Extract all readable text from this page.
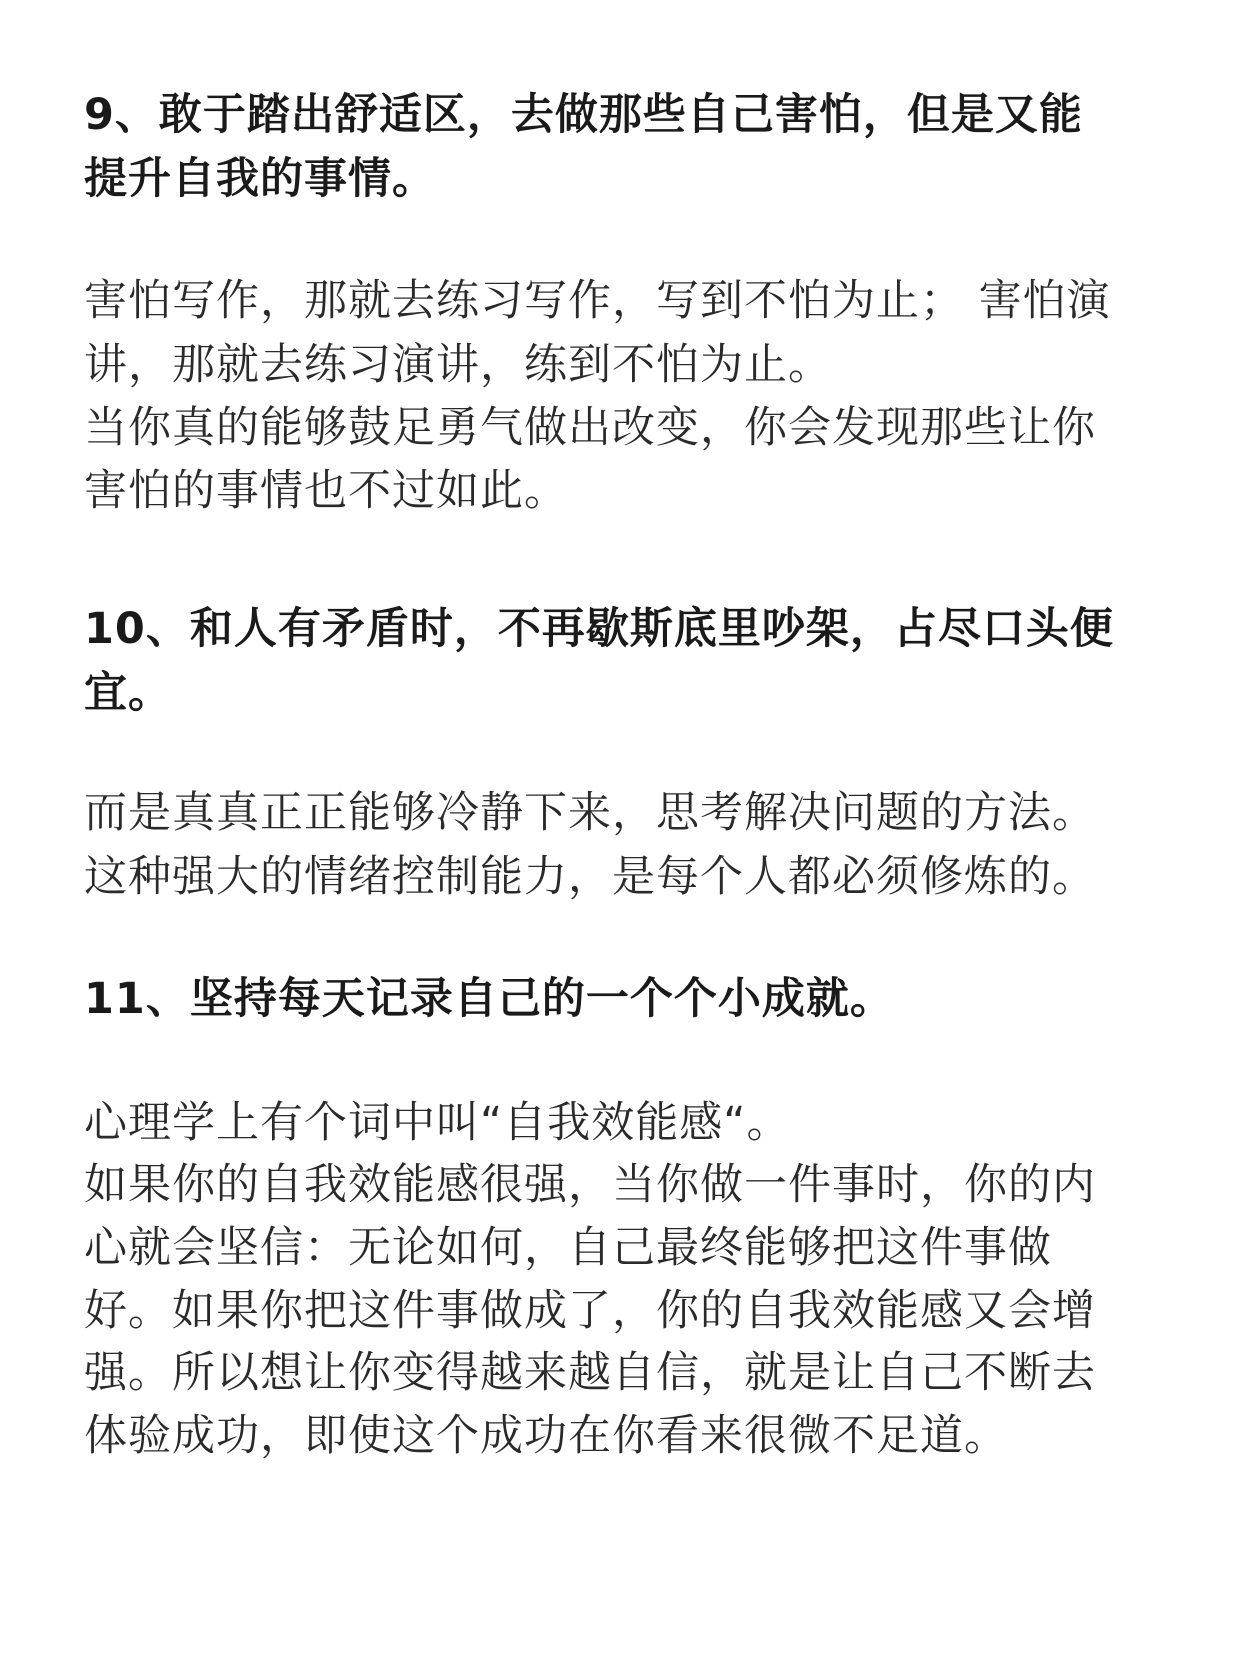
9、敢于踏出舒适区，去做那些自己害怕，但是又能
提升自我的事情。
害怕写作，那就去练习写作，写到不怕为止； 害怕演
讲，那就去练习演讲，练到不怕为止。
当你真的能够鼓足勇气做出改变，你会发现那些让你
害怕的事情也不过如此。
10、和人有矛盾时，不再歇斯底里吵架，占尽口头便
宜。
而是真真正正能够冷静下来，思考解决问题的方法。
这种强大的情绪控制能力，是每个人都必须修炼的。
11、坚持每天记录自己的一个个小成就。
心理学上有个词中叫“自我效能感“。
如果你的自我效能感很强，当你做一件事时，你的内
心就会坚信：无论如何，自己最终能够把这件事做
好。如果你把这件事做成了，你的自我效能感又会增
强。所以想让你变得越来越自信，就是让自己不断去
体验成功，即使这个成功在你看来很微不足道。
